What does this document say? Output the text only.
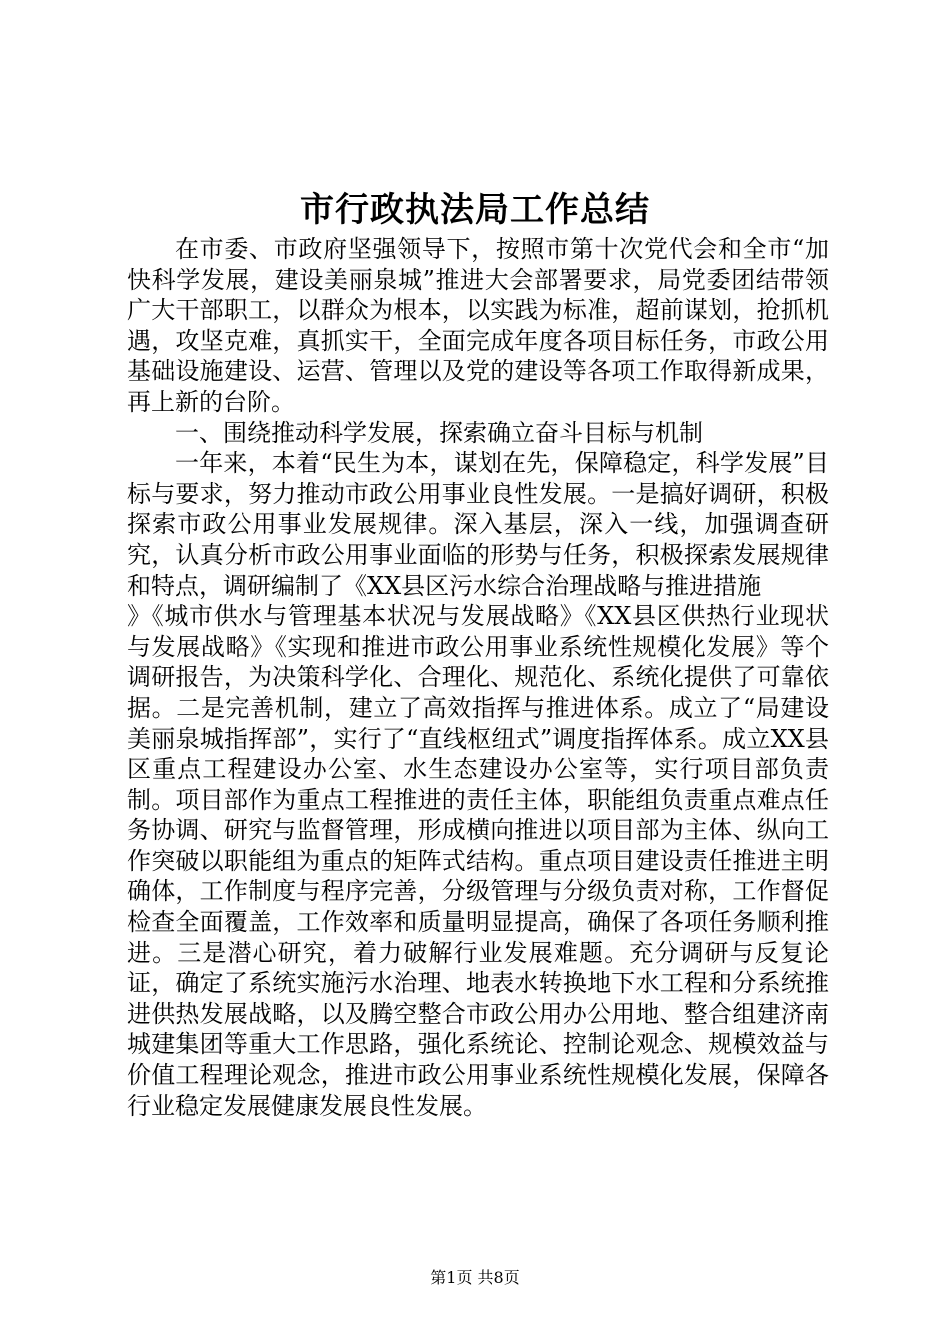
市行政执法局工作总结

在市委、市政府坚强领导下，按照市第十次党代会和全市“加快科学发展，建设美丽泉城”推进大会部署要求，局党委团结带领广大干部职工，以群众为根本，以实践为标准，超前谋划，抢抓机遇，攻坚克难，真抓实干，全面完成年度各项目标任务，市政公用基础设施建设、运营、管理以及党的建设等各项工作取得新成果，再上新的台阶。

一、围绕推动科学发展，探索确立奋斗目标与机制

一年来，本着“民生为本，谋划在先，保障稳定，科学发展”目标与要求，努力推动市政公用事业良性发展。一是搞好调研，积极探索市政公用事业发展规律。深入基层，深入一线，加强调查研究，认真分析市政公用事业面临的形势与任务，积极探索发展规律和特点，调研编制了《XX县区污水综合治理战略与推进措施

》《城市供水与管理基本状况与发展战略》《XX县区供热行业现状与发展战略》《实现和推进市政公用事业系统性规模化发展》等个调研报告，为决策科学化、合理化、规范化、系统化提供了可靠依据。二是完善机制，建立了高效指挥与推进体系。成立了“局建设美丽泉城指挥部”，实行了“直线枢纽式”调度指挥体系。成立XX县区重点工程建设办公室、水生态建设办公室等，实行项目部负责制。项目部作为重点工程推进的责任主体，职能组负责重点难点任务协调、研究与监督管理，形成横向推进以项目部为主体、纵向工作突破以职能组为重点的矩阵式结构。重点项目建设责任推进主明确体，工作制度与程序完善，分级管理与分级负责对称，工作督促检查全面覆盖，工作效率和质量明显提高，确保了各项任务顺利推进。三是潜心研究，着力破解行业发展难题。充分调研与反复论证，确定了系统实施污水治理、地表水转换地下水工程和分系统推进供热发展战略，以及腾空整合市政公用办公用地、整合组建济南城建集团等重大工作思路，强化系统论、控制论观念、规模效益与价值工程理论观念，推进市政公用事业系统性规模化发展，保障各行业稳定发展健康发展良性发展。

第1页 共8页
